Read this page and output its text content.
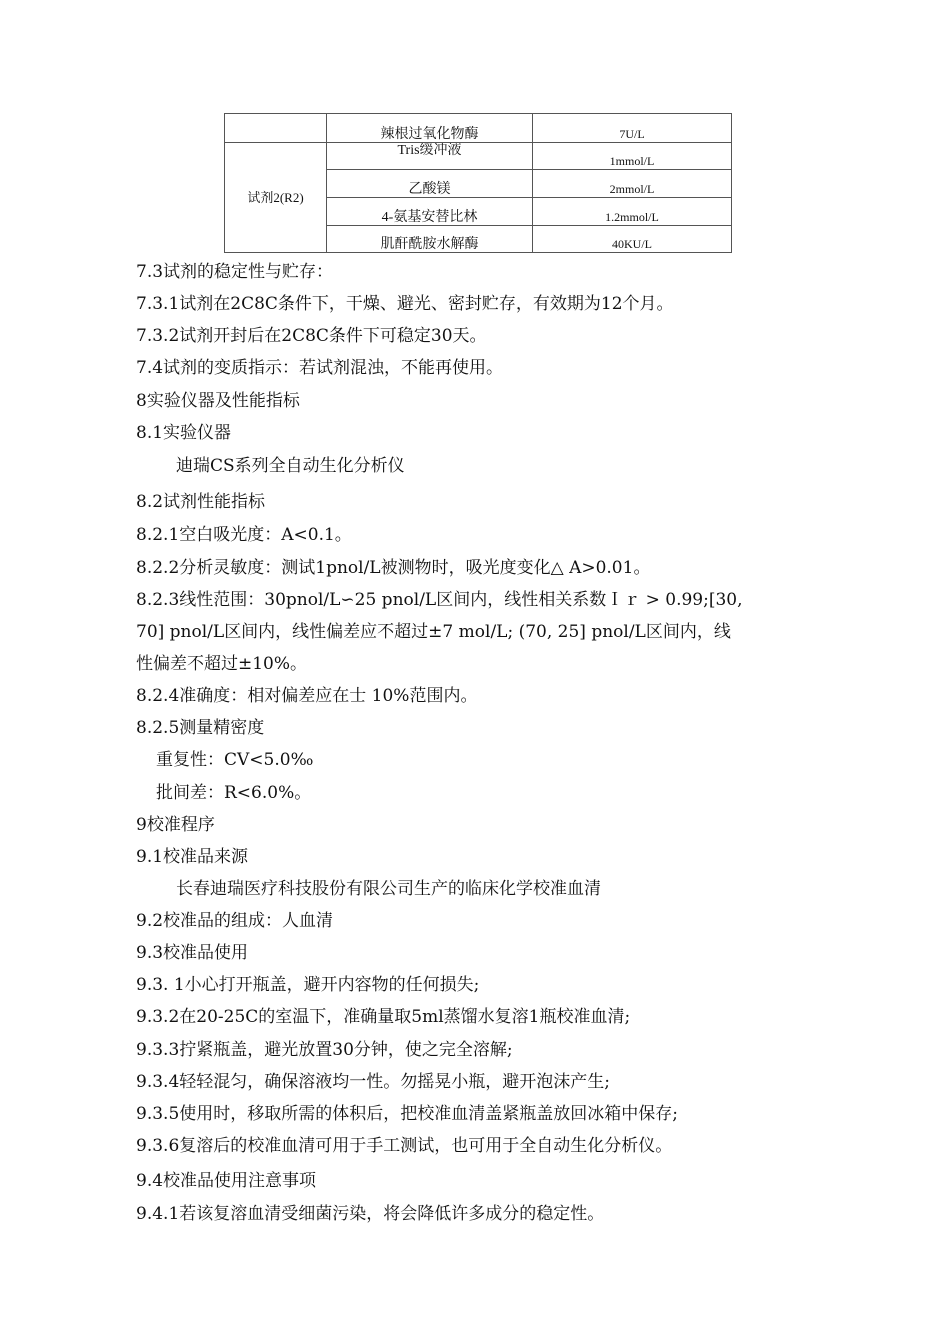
	辣根过氧化物酶	7U/L
试剂2(R2)	Tris缓冲液	1mmol/L
	乙酸镁	2mmol/L
	4-氨基安替比林	1.2mmol/L
	肌酐酰胺水解酶	40KU/L
7.3试剂的稳定性与贮存：
7.3.1试剂在2C8C条件下，干燥、避光、密封贮存，有效期为12个月。
7.3.2试剂开封后在2C8C条件下可稳定30天。
7.4试剂的变质指示：若试剂混浊，不能再使用。
8实验仪器及性能指标
8.1实验仪器
迪瑞CS系列全自动生化分析仪
8.2试剂性能指标
8.2.1空白吸光度：A<0.1。
8.2.2分析灵敏度：测试1pnol/L被测物时，吸光度变化△ A>0.01。
8.2.3线性范围：30pnol/L∽25 pnol/L区间内，线性相关系数Ｉｒ > 0.99;[30,
70] pnol/L区间内，线性偏差应不超过±7 mol/L; (70, 25] pnol/L区间内，线
性偏差不超过±10%。
8.2.4准确度：相对偏差应在士 10%范围内。
8.2.5测量精密度
重复性：CV<5.0‰
批间差：R<6.0%。
9校准程序
9.1校准品来源
长春迪瑞医疗科技股份有限公司生产的临床化学校准血清
9.2校准品的组成：人血清
9.3校准品使用
9.3. 1小心打开瓶盖，避开内容物的任何损失;
9.3.2在20-25C的室温下，准确量取5ml蒸馏水复溶1瓶校准血清;
9.3.3拧紧瓶盖，避光放置30分钟，使之完全溶解;
9.3.4轻轻混匀，确保溶液均一性。勿摇晃小瓶，避开泡沫产生;
9.3.5使用时，移取所需的体积后，把校准血清盖紧瓶盖放回冰箱中保存;
9.3.6复溶后的校准血清可用于手工测试，也可用于全自动生化分析仪。
9.4校准品使用注意事项
9.4.1若该复溶血清受细菌污染，将会降低许多成分的稳定性。
